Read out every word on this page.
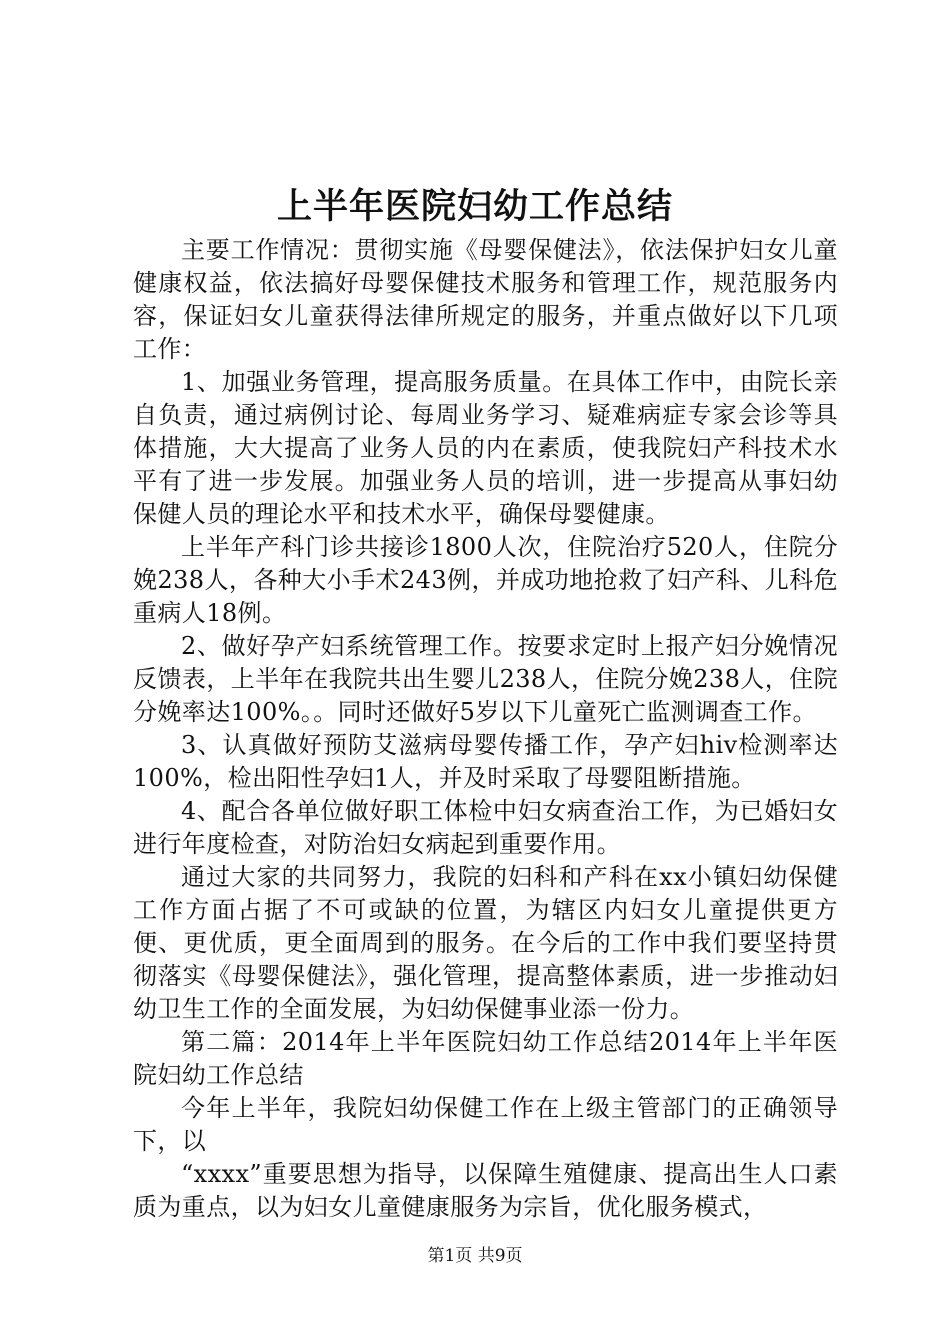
上半年医院妇幼工作总结

主要工作情况：贯彻实施《母婴保健法》，依法保护妇女儿童健康权益，依法搞好母婴保健技术服务和管理工作，规范服务内容，保证妇女儿童获得法律所规定的服务，并重点做好以下几项工作：

1、加强业务管理，提高服务质量。在具体工作中，由院长亲自负责，通过病例讨论、每周业务学习、疑难病症专家会诊等具体措施，大大提高了业务人员的内在素质，使我院妇产科技术水平有了进一步发展。加强业务人员的培训，进一步提高从事妇幼保健人员的理论水平和技术水平，确保母婴健康。

上半年产科门诊共接诊1800人次，住院治疗520人，住院分娩238人，各种大小手术243例，并成功地抢救了妇产科、儿科危重病人18例。

2、做好孕产妇系统管理工作。按要求定时上报产妇分娩情况反馈表，上半年在我院共出生婴儿238人，住院分娩238人，住院分娩率达100%。。同时还做好5岁以下儿童死亡监测调查工作。

3、认真做好预防艾滋病母婴传播工作，孕产妇hiv检测率达100%，检出阳性孕妇1人，并及时采取了母婴阻断措施。

4、配合各单位做好职工体检中妇女病查治工作，为已婚妇女进行年度检查，对防治妇女病起到重要作用。

通过大家的共同努力，我院的妇科和产科在xx小镇妇幼保健工作方面占据了不可或缺的位置，为辖区内妇女儿童提供更方便、更优质，更全面周到的服务。在今后的工作中我们要坚持贯彻落实《母婴保健法》，强化管理，提高整体素质，进一步推动妇幼卫生工作的全面发展，为妇幼保健事业添一份力。

第二篇：2014年上半年医院妇幼工作总结2014年上半年医院妇幼工作总结

今年上半年，我院妇幼保健工作在上级主管部门的正确领导下，以

“xxxx”重要思想为指导，以保障生殖健康、提高出生人口素质为重点，以为妇女儿童健康服务为宗旨，优化服务模式，

第1页 共9页
